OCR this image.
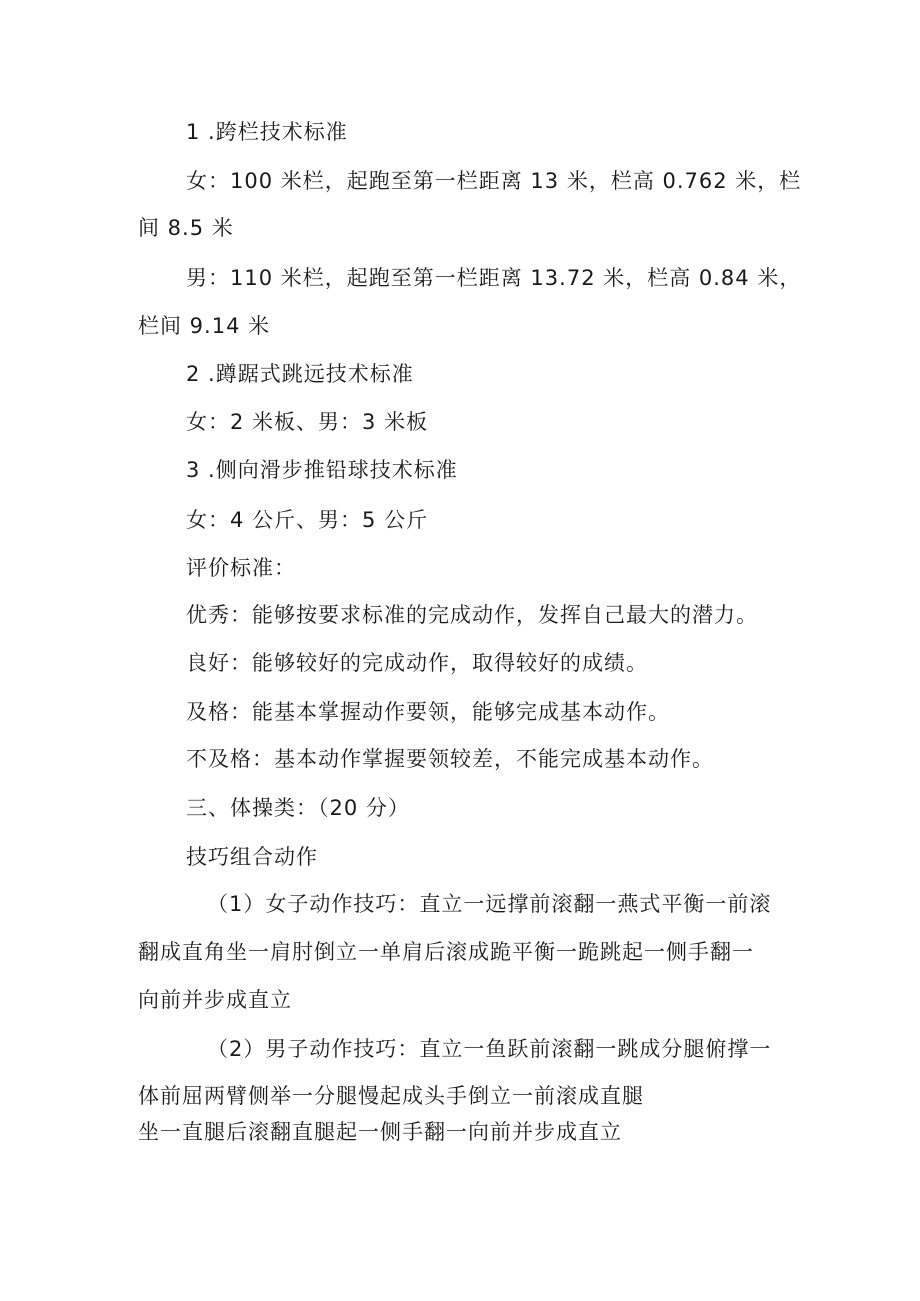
1 .跨栏技术标准
女：100 米栏，起跑至第一栏距离 13 米，栏高 0.762 米，栏
间 8.5 米
男：110 米栏，起跑至第一栏距离 13.72 米，栏高 0.84 米，
栏间 9.14 米
2 .蹲踞式跳远技术标准
女：2 米板、男：3 米板
3 .侧向滑步推铅球技术标准
女：4 公斤、男：5 公斤
评价标准：
优秀：能够按要求标准的完成动作，发挥自己最大的潜力。
良好：能够较好的完成动作，取得较好的成绩。
及格：能基本掌握动作要领，能够完成基本动作。
不及格：基本动作掌握要领较差，不能完成基本动作。
三、体操类：（20 分）
技巧组合动作
（1）女子动作技巧：直立一远撑前滚翻一燕式平衡一前滚
翻成直角坐一肩肘倒立一单肩后滚成跪平衡一跪跳起一侧手翻一
向前并步成直立
（2）男子动作技巧：直立一鱼跃前滚翻一跳成分腿俯撑一
体前屈两臂侧举一分腿慢起成头手倒立一前滚成直腿
坐一直腿后滚翻直腿起一侧手翻一向前并步成直立
